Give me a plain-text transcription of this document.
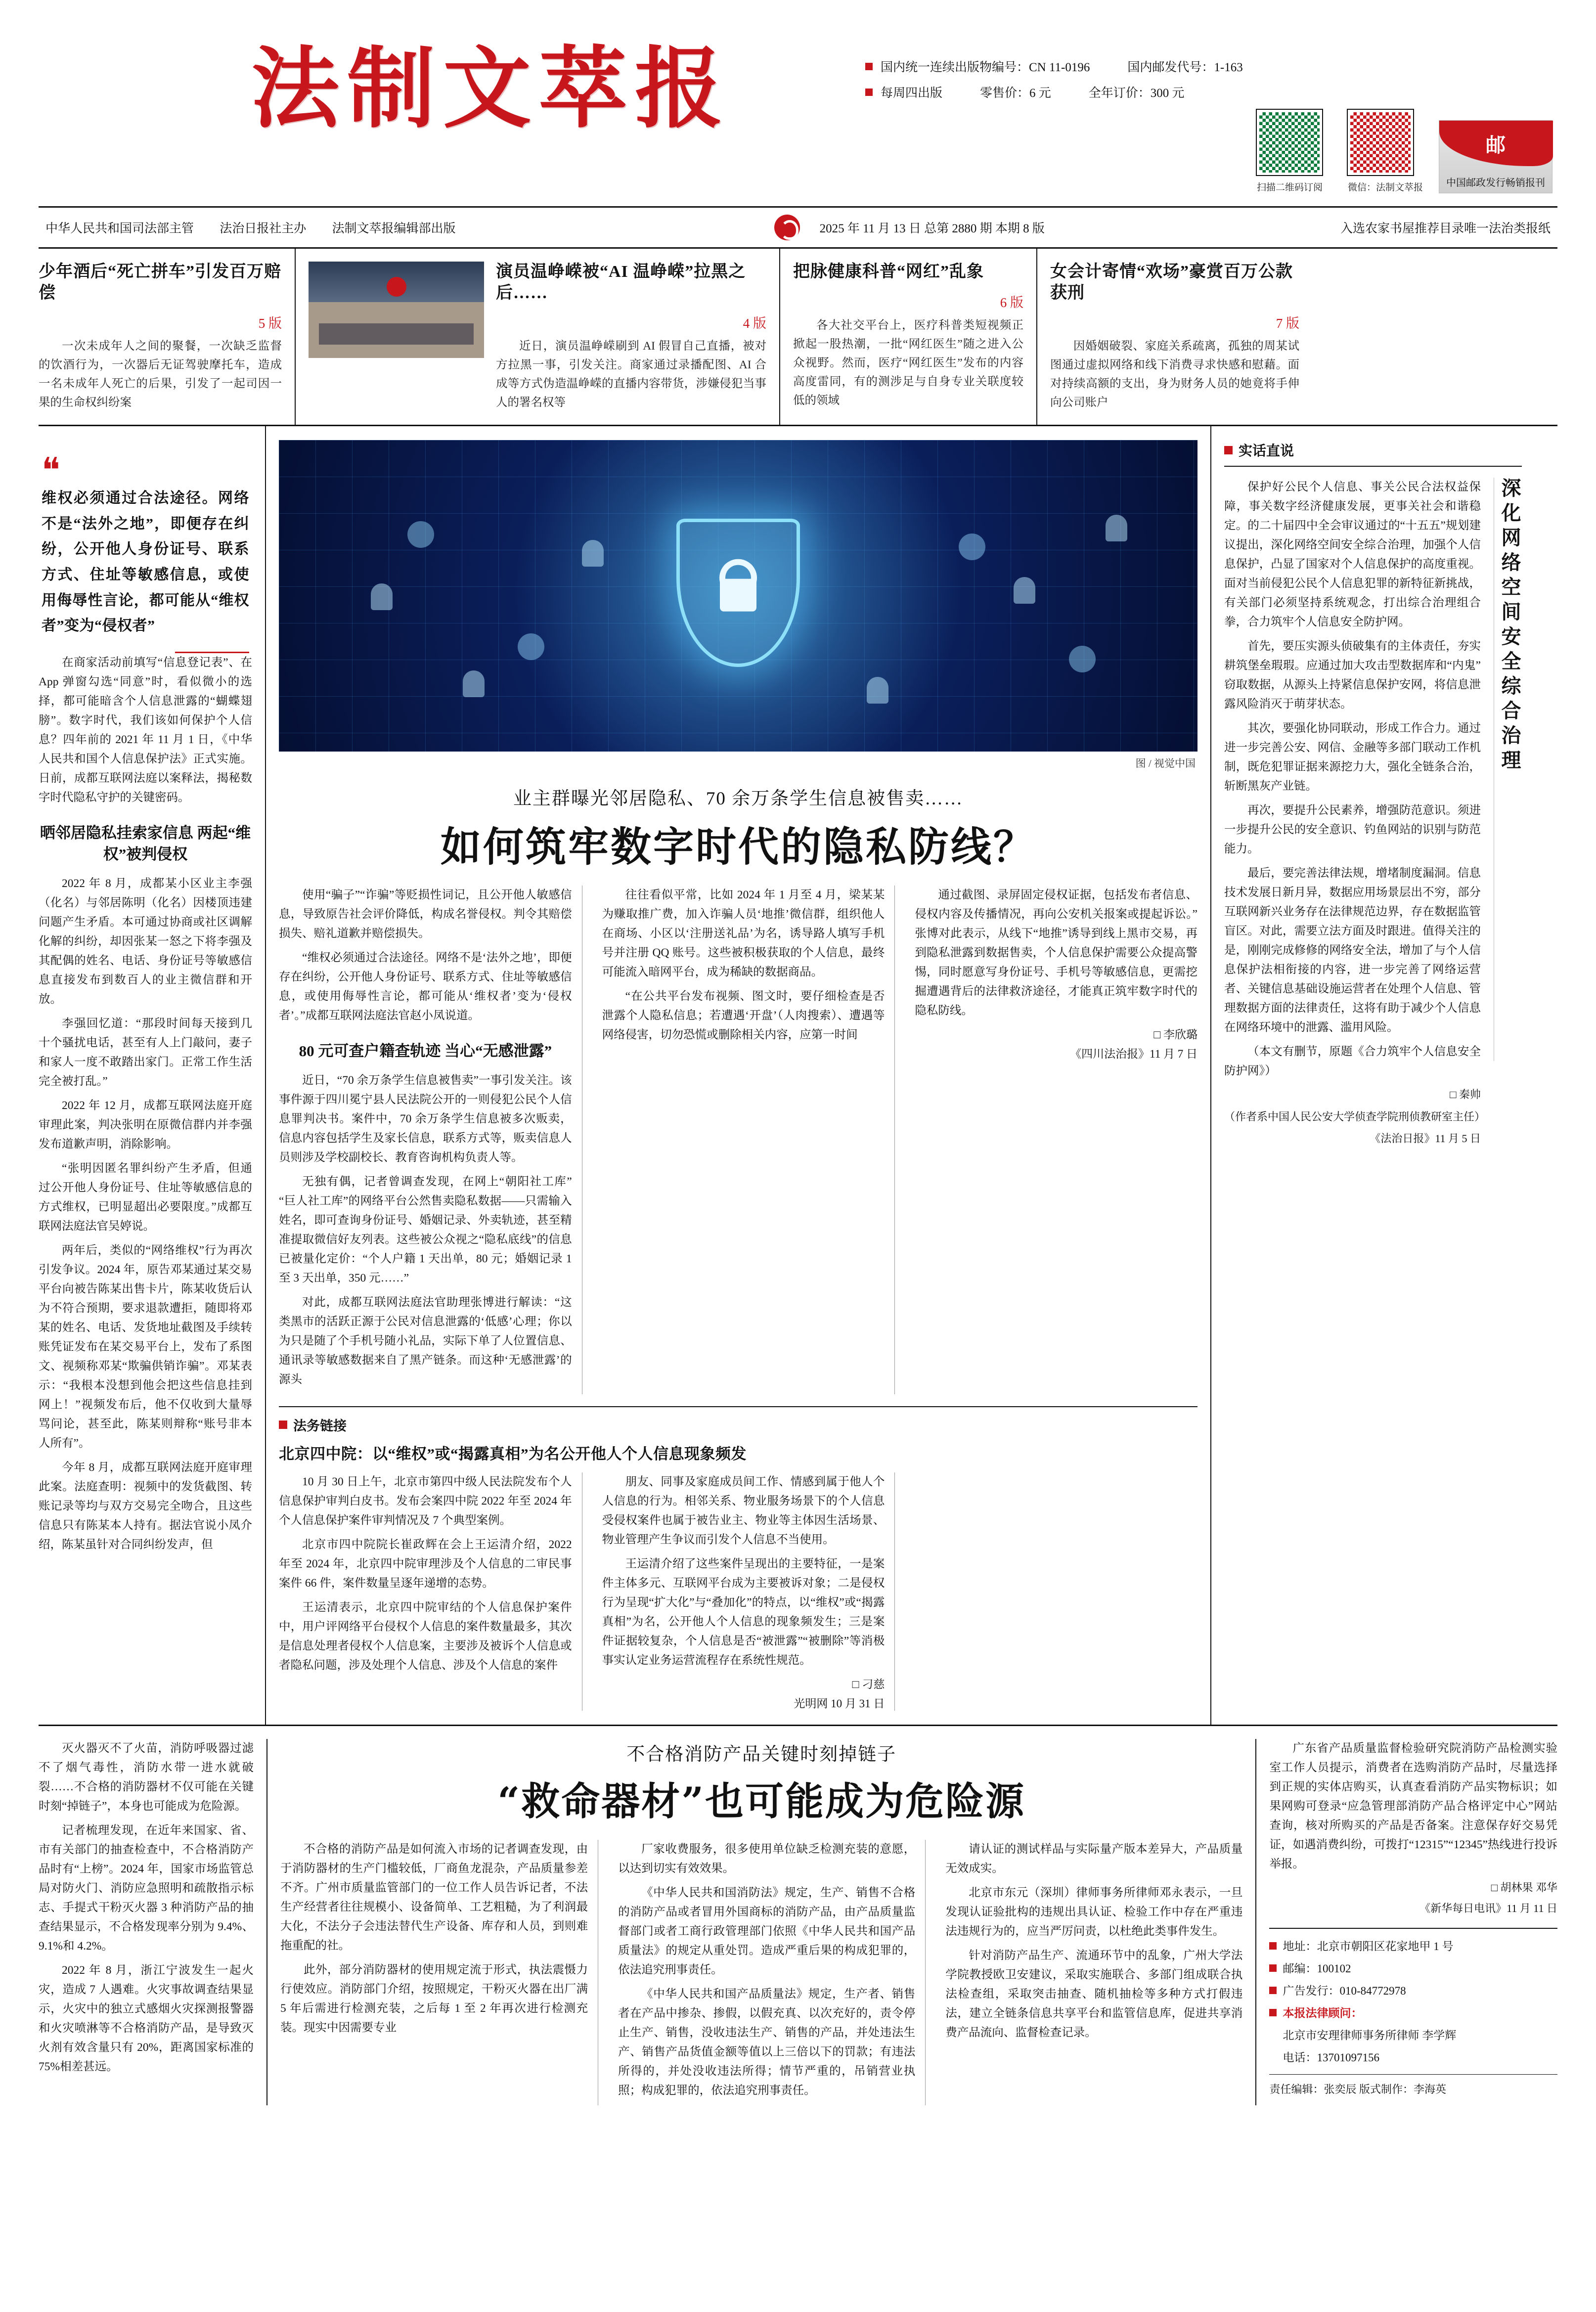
法制文萃报	国内统一连续出版物编号：CN 11-0196	国内邮发代号：1-163
每周四出版	零售价：6 元	全年订价：300 元
扫描二维码订阅	微信：法制文萃报
邮
中国邮政发行畅销报刊
中华人民共和国司法部主管 法治日报社主办 法制文萃报编辑部出版	2025 年 11 月 13 日 总第 2880 期 本期 8 版	入选农家书屋推荐目录唯一法治类报纸
少年酒后“死亡拼车”引发百万赔偿
5 版

一次未成年人之间的聚餐，一次缺乏监督的饮酒行为，一次器后无证驾驶摩托车，造成一名未成年人死亡的后果，引发了一起司因一果的生命权纠纷案

演员温峥嵘被“AI 温峥嵘”拉黑之后……
4 版

近日，演员温峥嵘刷到 AI 假冒自己直播，被对方拉黑一事，引发关注。商家通过录播配图、AI 合成等方式伪造温峥嵘的直播内容带货，涉嫌侵犯当事人的署名权等

把脉健康科普“网红”乱象
6 版

各大社交平台上，医疗科普类短视频正掀起一股热潮，一批“网红医生”随之进入公众视野。然而，医疗“网红医生”发布的内容高度雷同，有的测涉足与自身专业关联度较低的领域

女会计寄情“欢场”豪赏百万公款获刑
7 版

因婚姻破裂、家庭关系疏离，孤独的周某试图通过虚拟网络和线下消费寻求快感和慰藉。面对持续高额的支出，身为财务人员的她竟将手伸向公司账户

❝
维权必须通过合法途径。网络不是“法外之地”，即便存在纠纷，公开他人身份证号、联系方式、住址等敏感信息，或使用侮辱性言论，都可能从“维权者”变为“侵权者”

在商家活动前填写“信息登记表”、在 App 弹窗勾选“同意”时，看似微小的选择，都可能暗含个人信息泄露的“蝴蝶翅膀”。数字时代，我们该如何保护个人信息？四年前的 2021 年 11 月 1 日，《中华人民共和国个人信息保护法》正式实施。日前，成都互联网法庭以案释法，揭秘数字时代隐私守护的关键密码。

晒邻居隐私挂索家信息 两起“维权”被判侵权

2022 年 8 月，成都某小区业主李强（化名）与邻居陈明（化名）因楼顶违建问题产生矛盾。本可通过协商或社区调解化解的纠纷，却因张某一怒之下将李强及其配偶的姓名、电话、身份证号等敏感信息直接发布到数百人的业主微信群和开放。

李强回忆道：“那段时间每天接到几十个骚扰电话，甚至有人上门敲问，妻子和家人一度不敢踏出家门。正常工作生活完全被打乱。”

2022 年 12 月，成都互联网法庭开庭审理此案，判决张明在原微信群内并李强发布道歉声明，消除影响。

“张明因匿名罪纠纷产生矛盾，但通过公开他人身份证号、住址等敏感信息的方式维权，已明显超出必要限度。”成都互联网法庭法官吴婷说。

两年后，类似的“网络维权”行为再次引发争议。2024 年，原告邓某通过某交易平台向被告陈某出售卡片，陈某收货后认为不符合预期，要求退款遭拒，随即将邓某的姓名、电话、发货地址截图及手续转账凭证发布在某交易平台上，发布了系图文、视频称邓某“欺骗供销诈骗”。邓某表示：“我根本没想到他会把这些信息挂到网上！”视频发布后，他不仅收到大量辱骂问论，甚至此，陈某则辩称“账号非本人所有”。

今年 8 月，成都互联网法庭开庭审理此案。法庭查明：视频中的发货截图、转账记录等均与双方交易完全吻合，且这些信息只有陈某本人持有。据法官说小凤介绍，陈某虽针对合同纠纷发声，但

图 / 视觉中国
业主群曝光邻居隐私、70 余万条学生信息被售卖……
如何筑牢数字时代的隐私防线？

使用“骗子”“诈骗”等贬损性词记，且公开他人敏感信息，导致原告社会评价降低，构成名誉侵权。判令其赔偿损失、赔礼道歉并赔偿损失。

“维权必须通过合法途径。网络不是‘法外之地’，即便存在纠纷，公开他人身份证号、联系方式、住址等敏感信息，或使用侮辱性言论，都可能从‘维权者’变为‘侵权者’。”成都互联网法庭法官赵小凤说道。

80 元可查户籍查轨迹 当心“无感泄露”

近日，“70 余万条学生信息被售卖”一事引发关注。该事件源于四川冕宁县人民法院公开的一则侵犯公民个人信息罪判决书。案件中，70 余万条学生信息被多次贩卖，信息内容包括学生及家长信息，联系方式等，贩卖信息人员则涉及学校副校长、教育咨询机构负责人等。

无独有偶，记者曾调查发现，在网上“朝阳社工库”“巨人社工库”的网络平台公然售卖隐私数据——只需输入姓名，即可查询身份证号、婚姻记录、外卖轨迹，甚至精准提取微信好友列表。这些被公众视之“隐私底线”的信息已被量化定价：“个人户籍 1 天出单，80 元；婚姻记录 1 至 3 天出单，350 元……”

对此，成都互联网法庭法官助理张博进行解读：“这类黑市的活跃正源于公民对信息泄露的‘低感’心理；你以为只是随了个手机号随小礼品，实际下单了人位置信息、通讯录等敏感数据来自了黑产链条。而这种‘无感泄露’的源头

往往看似平常，比如 2024 年 1 月至 4 月，梁某某为赚取推广费，加入诈骗人员‘地推’微信群，组织他人在商场、小区以‘注册送礼品’为名，诱导路人填写手机号并注册 QQ 账号。这些被积极获取的个人信息，最终可能流入暗网平台，成为稀缺的数据商品。

“在公共平台发布视频、图文时，要仔细检查是否泄露个人隐私信息；若遭遇‘开盘’（人肉搜索）、遭遇等网络侵害，切勿恐慌或删除相关内容，应第一时间

通过截图、录屏固定侵权证据，包括发布者信息、侵权内容及传播情况，再向公安机关报案或提起诉讼。”张博对此表示，从线下“地推”诱导到线上黑市交易，再到隐私泄露到数据售卖，个人信息保护需要公众提高警惕，同时愿意写身份证号、手机号等敏感信息，更需挖掘遭遇背后的法律救济途径，才能真正筑牢数字时代的隐私防线。

□ 李欣璐
《四川法治报》11 月 7 日
法务链接
北京四中院：以“维权”或“揭露真相”为名公开他人个人信息现象频发

10 月 30 日上午，北京市第四中级人民法院发布个人信息保护审判白皮书。发布会案四中院 2022 年至 2024 年个人信息保护案件审判情况及 7 个典型案例。

北京市四中院院长崔政辉在会上王运清介绍，2022 年至 2024 年，北京四中院审理涉及个人信息的二审民事案件 66 件，案件数量呈逐年递增的态势。

王运清表示，北京四中院审结的个人信息保护案件中，用户评网络平台侵权个人信息的案件数量最多，其次是信息处理者侵权个人信息案，主要涉及被诉个人信息或者隐私问题，涉及处理个人信息、涉及个人信息的案件

朋友、同事及家庭成员间工作、情感到属于他人个人信息的行为。相邻关系、物业服务场景下的个人信息受侵权案件也属于被告业主、物业等主体因生活场景、物业管理产生争议而引发个人信息不当使用。

王运清介绍了这些案件呈现出的主要特征，一是案件主体多元、互联网平台成为主要被诉对象；二是侵权行为呈现“扩大化”与“叠加化”的特点，以“维权”或“揭露真相”为名，公开他人个人信息的现象频发生；三是案件证据较复杂，个人信息是否“被泄露”“被删除”等消极事实认定业务运营流程存在系统性规范。

□ 刁慈
光明网 10 月 31 日
实话直说

保护好公民个人信息、事关公民合法权益保障，事关数字经济健康发展，更事关社会和谐稳定。的二十届四中全会审议通过的“十五五”规划建议提出，深化网络空间安全综合治理，加强个人信息保护，凸显了国家对个人信息保护的高度重视。面对当前侵犯公民个人信息犯罪的新特征新挑战，有关部门必须坚持系统观念，打出综合治理组合拳，合力筑牢个人信息安全防护网。

首先，要压实源头侦破集有的主体责任，夯实耕筑堡垒瑕瑕。应通过加大攻击型数据库和“内鬼”窃取数据，从源头上持紧信息保护安网，将信息泄露风险消灭于萌芽状态。

其次，要强化协同联动，形成工作合力。通过进一步完善公安、网信、金融等多部门联动工作机制，既危犯罪证据来源挖力大，强化全链条合治，斩断黑灰产业链。

再次，要提升公民素养，增强防范意识。须进一步提升公民的安全意识、钓鱼网站的识别与防范能力。

最后，要完善法律法规，增堵制度漏洞。信息技术发展日新月异，数据应用场景层出不穷，部分互联网新兴业务存在法律规范边界，存在数据监管盲区。对此，需要立法方面及时跟进。值得关注的是，刚刚完成修修的网络安全法，增加了与个人信息保护法相衔接的内容，进一步完善了网络运营者、关键信息基础设施运营者在处理个人信息、管理数据方面的法律责任，这将有助于减少个人信息在网络环境中的泄露、滥用风险。

（本文有删节，原题《合力筑牢个人信息安全防护网》）

□ 秦帅
（作者系中国人民公安大学侦查学院刑侦教研室主任）
《法治日报》11 月 5 日
深化网络空间安全综合治理

灭火器灭不了火苗，消防呼吸器过滤不了烟气毒性，消防水带一进水就破裂……不合格的消防器材不仅可能在关键时刻“掉链子”，本身也可能成为危险源。

记者梳理发现，在近年来国家、省、市有关部门的抽查检查中，不合格消防产品时有“上榜”。2024 年，国家市场监管总局对防火门、消防应急照明和疏散指示标志、手提式干粉灭火器 3 种消防产品的抽查结果显示，不合格发现率分别为 9.4%、9.1%和 4.2%。

2022 年 8 月，浙江宁波发生一起火灾，造成 7 人遇难。火灾事故调查结果显示，火灾中的独立式感烟火灾探测报警器和火灾喷淋等不合格消防产品，是导致灭火剂有效含量只有 20%，距离国家标准的 75%相差甚远。

不合格消防产品关键时刻掉链子
“救命器材”也可能成为危险源

不合格的消防产品是如何流入市场的记者调查发现，由于消防器材的生产门槛较低，厂商鱼龙混杂，产品质量参差不齐。广州市质量监管部门的一位工作人员告诉记者，不法生产经营者往往规模小、设备简单、工艺粗糙，为了利润最大化，不法分子会违法替代生产设备、库存和人员，到则难拖重配的社。

此外，部分消防器材的使用规定流于形式，执法震慑力行使效应。消防部门介绍，按照规定，干粉灭火器在出厂满 5 年后需进行检测充装，之后每 1 至 2 年再次进行检测充装。现实中因需要专业

厂家收费服务，很多使用单位缺乏检测充装的意愿，以达到切实有效效果。

《中华人民共和国消防法》规定，生产、销售不合格的消防产品或者冒用外国商标的消防产品，由产品质量监督部门或者工商行政管理部门依照《中华人民共和国产品质量法》的规定从重处罚。造成严重后果的构成犯罪的，依法追究刑事责任。

《中华人民共和国产品质量法》规定，生产者、销售者在产品中掺杂、掺假，以假充真、以次充好的，责令停止生产、销售，没收违法生产、销售的产品，并处违法生产、销售产品货值金额等值以上三倍以下的罚款；有违法所得的，并处没收违法所得；情节严重的，吊销营业执照；构成犯罪的，依法追究刑事责任。

请认证的测试样品与实际量产版本差异大，产品质量无效成实。

北京市东元（深圳）律师事务所律师邓永表示，一旦发现认证验批构的违规出具认证、检验工作中存在严重违法违规行为的，应当严厉问责，以杜绝此类事件发生。

针对消防产品生产、流通环节中的乱象，广州大学法学院教授欧卫安建议，采取实施联合、多部门组成联合执法检查组，采取突击抽查、随机抽检等多种方式打假违法，建立全链条信息共享平台和监管信息库，促进共享消费产品流向、监督检查记录。

广东省产品质量监督检验研究院消防产品检测实验室工作人员提示，消费者在选购消防产品时，尽量选择到正规的实体店购买，认真查看消防产品实物标识；如果网购可登录“应急管理部消防产品合格评定中心”网站查询，核对所购买的产品是否备案。注意保存好交易凭证，如遇消费纠纷，可拨打“12315”“12345”热线进行投诉举报。

□ 胡林果 邓华
《新华每日电讯》11 月 11 日
地址：北京市朝阳区花家地甲 1 号
邮编：100102
广告发行：010-84772978
本报法律顾问：
北京市安理律师事务所律师 李学辉
电话：13701097156
责任编辑：张奕辰 版式制作：李海英
